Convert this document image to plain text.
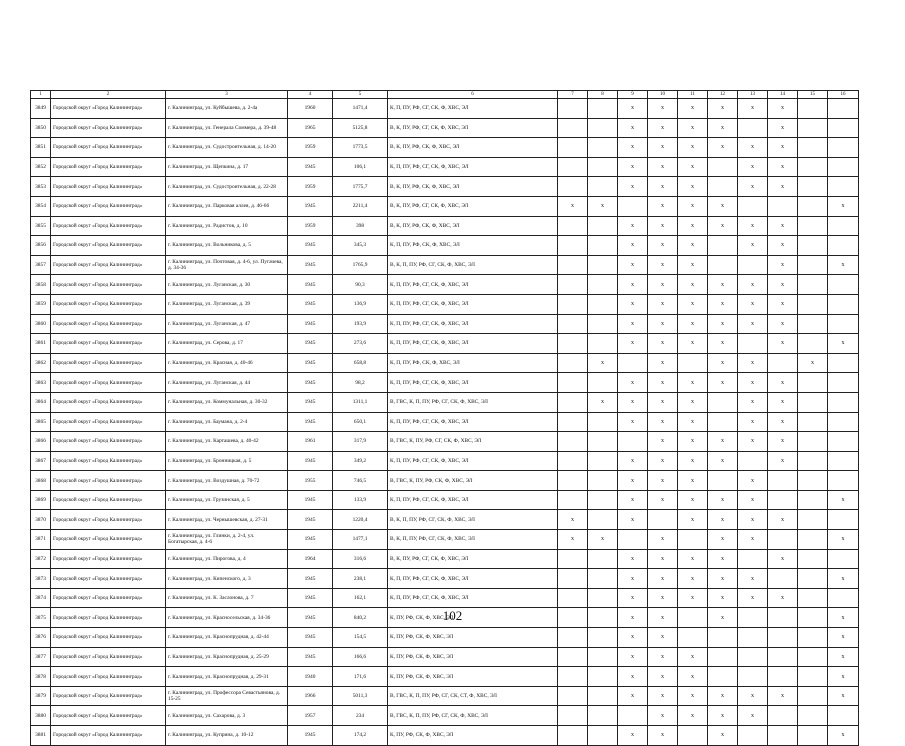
1	2	3	4	5	6	7	8	9	10	11	12	13	14	15	16
3849	Городской округ «Город Калининград»	г. Калининград, ул. Куйбышева, д. 2-4а	1960	1471,4	К, П, ПУ, РФ, СГ, СК, Ф, ХВС, ЭЛ			х	х	х	х	х	х		
3850	Городской округ «Город Калининград»	г. Калининград, ул. Генерала Соммера, д. 39-48	1965	5125,8	В, К, ПУ, РФ, СГ, СК, Ф, ХВС, ЭЛ			х	х	х	х		х		
3851	Городской округ «Город Калининград»	г. Калининград, ул. Судостроительная, д. 14-20	1959	1773,5	В, К, ПУ, РФ, СК, Ф, ХВС, ЭЛ			х	х	х	х	х	х		
3852	Городской округ «Город Калининград»	г. Калининград, ул. Щепкина, д. 17	1945	106,1	К, П, ПУ, РФ, СГ, СК, Ф, ХВС, ЭЛ			х	х	х		х	х		
3853	Городской округ «Город Калининград»	г. Калининград, ул. Судостроительная, д. 22-28	1959	1775,7	В, К, ПУ, РФ, СК, Ф, ХВС, ЭЛ			х	х	х		х	х		
3854	Городской округ «Город Калининград»	г. Калининград, ул. Парковая аллея, д. 46-66	1945	2211,4	В, К, ПУ, РФ, СГ, СК, Ф, ХВС, ЭЛ	х	х		х	х	х				х
3855	Городской округ «Город Калининград»	г. Калининград, ул. Радистов, д. 10	1959	398	В, К, ПУ, РФ, СК, Ф, ХВС, ЭЛ			х	х	х	х	х	х		
3856	Городской округ «Город Калининград»	г. Калининград, ул. Вольникова, д. 5	1945	345,3	К, П, ПУ, РФ, СК, Ф, ХВС, ЭЛ			х	х	х		х	х		
3857	Городской округ «Город Калининград»	г. Калининград, ул. Почтовая, д. 4-6, ул. Пугачева, д. 34-36	1945	1765,9	В, К, П, ПУ, РФ, СГ, СК, Ф, ХВС, ЭЛ			х	х	х			х		х
3858	Городской округ «Город Калининград»	г. Калининград, ул. Луганская, д. 30	1945	90,3	К, П, ПУ, РФ, СГ, СК, Ф, ХВС, ЭЛ			х	х	х	х	х	х		
3859	Городской округ «Город Калининград»	г. Калининград, ул. Луганская, д. 39	1945	136,9	К, П, ПУ, РФ, СГ, СК, Ф, ХВС, ЭЛ			х	х	х	х	х	х		
3860	Городской округ «Город Калининград»	г. Калининград, ул. Луганская, д. 47	1945	193,9	К, П, ПУ, РФ, СГ, СК, Ф, ХВС, ЭЛ			х	х	х	х	х	х		
3861	Городской округ «Город Калининград»	г. Калининград, ул. Серова, д. 17	1945	273,6	К, П, ПУ, РФ, СГ, СК, Ф, ХВС, ЭЛ			х	х	х	х		х		х
3862	Городской округ «Город Калининград»	г. Калининград, ул. Красная, д. 40-46	1945	658,8	К, П, ПУ, РФ, СК, Ф, ХВС, ЭЛ		х		х		х	х		х	
3863	Городской округ «Город Калининград»	г. Калининград, ул. Луганская, д. 44	1945	98,2	К, П, ПУ, РФ, СГ, СК, Ф, ХВС, ЭЛ			х	х	х	х	х	х		
3864	Городской округ «Город Калининград»	г. Калининград, ул. Коммунальная, д. 30-32	1945	1311,1	В, ГВС, К, П, ПУ, РФ, СГ, СК, Ф, ХВС, ЭЛ		х	х	х	х		х	х		
3865	Городской округ «Город Калининград»	г. Калининград, ул. Баумана, д. 2-4	1945	650,1	К, П, ПУ, РФ, СГ, СК, Ф, ХВС, ЭЛ			х	х	х		х	х		
3866	Городской округ «Город Калининград»	г. Калининград, ул. Карташева, д. 40-42	1961	317,9	В, ГВС, К, ПУ, РФ, СГ, СК, Ф, ХВС, ЭЛ				х	х	х	х	х		
3867	Городской округ «Город Калининград»	г. Калининград, ул. Бронницкая, д. 5	1945	349,2	К, П, ПУ, РФ, СГ, СК, Ф, ХВС, ЭЛ			х	х	х	х		х		
3868	Городской округ «Город Калининград»	г. Калининград, ул. Воздушная, д. 70-72	1955	746,5	В, ГВС, К, ПУ, РФ, СК, Ф, ХВС, ЭЛ			х	х	х		х			
3869	Городской округ «Город Калининград»	г. Калининград, ул. Грузинская, д. 5	1945	133,9	К, П, ПУ, РФ, СГ, СК, Ф, ХВС, ЭЛ			х	х	х	х	х			х
3870	Городской округ «Город Калининград»	г. Калининград, ул. Чернышевская, д. 27-31	1945	1220,4	В, К, П, ПУ, РФ, СГ, СК, Ф, ХВС, ЭЛ	х		х		х	х	х	х		
3871	Городской округ «Город Калининград»	г. Калининград, ул. Глинки, д. 2-4, ул. Богатырская, д. 4-6	1945	1477,1	В, К, П, ПУ, РФ, СГ, СК, Ф, ХВС, ЭЛ	х	х		х		х	х			х
3872	Городской округ «Город Калининград»	г. Калининград, ул. Пирогова, д. 4	1964	316,6	В, К, ПУ, РФ, СГ, СК, Ф, ХВС, ЭЛ			х	х	х	х		х		
3873	Городской округ «Город Калининград»	г. Калининград, ул. Кипенского, д. 3	1945	238,1	К, П, ПУ, РФ, СГ, СК, Ф, ХВС, ЭЛ			х	х	х	х	х			х
3874	Городской округ «Город Калининград»	г. Калининград, ул. К. Заслонова, д. 7	1945	162,1	К, П, ПУ, РФ, СГ, СК, Ф, ХВС, ЭЛ			х	х	х	х	х	х		
3875	Городской округ «Город Калининград»	г. Калининград, ул. Красносельская, д. 34-36	1945	840,2	К, ПУ, РФ, СК, Ф, ХВС, ЭЛ			х	х		х				х
3876	Городской округ «Город Калининград»	г. Калининград, ул. Краснопрудная, д. 42-44	1945	154,5	К, ПУ, РФ, СК, Ф, ХВС, ЭЛ			х	х						х
3877	Городской округ «Город Калининград»	г. Калининград, ул. Краснопрудная, д. 25-29	1945	166,6	К, ПУ, РФ, СК, Ф, ХВС, ЭЛ			х	х	х					х
3878	Городской округ «Город Калининград»	г. Калининград, ул. Краснопрудная, д. 29-31	1940	171,6	К, ПУ, РФ, СК, Ф, ХВС, ЭЛ			х	х	х					х
3879	Городской округ «Город Калининград»	г. Калининград, ул. Профессора Севастьянова, д. 15-25	1966	5011,3	В, ГВС, К, П, ПУ, РФ, СГ, СК, СТ, Ф, ХВС, ЭЛ			х	х	х	х	х	х		х
3880	Городской округ «Город Калининград»	г. Калининград, ул. Сахарова, д. 3	1957	234	В, ГВС, К, П, ПУ, РФ, СГ, СК, Ф, ХВС, ЭЛ				х	х	х	х			
3881	Городской округ «Город Калининград»	г. Калининград, ул. Куприна, д. 10-12	1945	174,2	К, ПУ, РФ, СК, Ф, ХВС, ЭЛ			х	х		х				х
102
